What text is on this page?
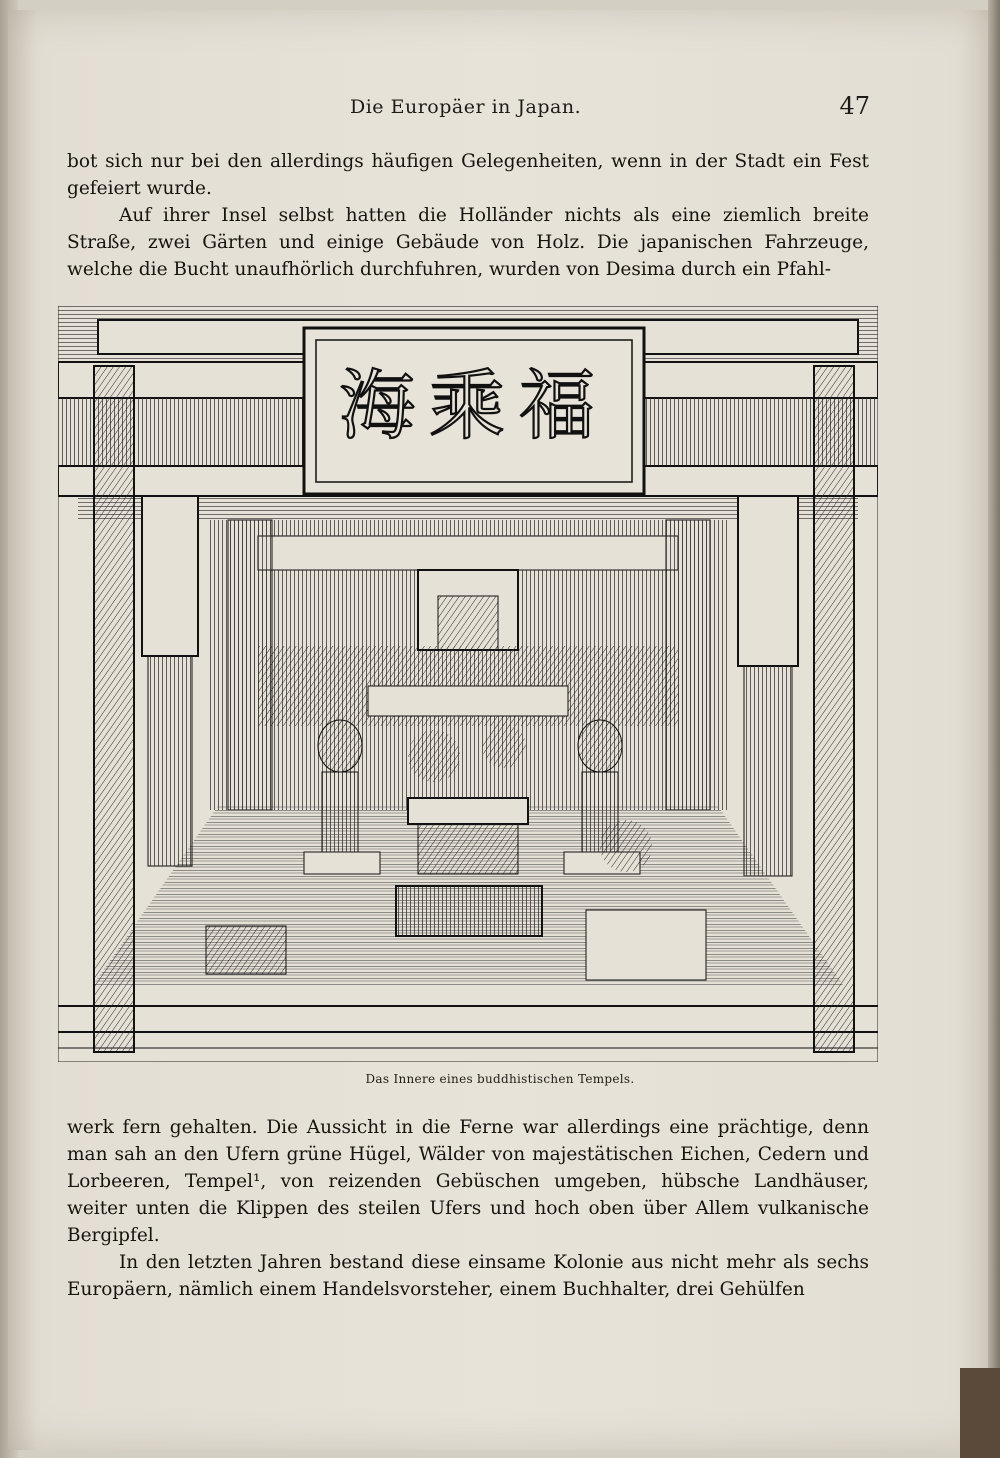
Die Europäer in Japan.	47

bot sich nur bei den allerdings häufigen Gelegenheiten, wenn in der Stadt ein Fest gefeiert wurde.

Auf ihrer Insel selbst hatten die Holländer nichts als eine ziemlich breite Straße, zwei Gärten und einige Gebäude von Holz. Die japanischen Fahrzeuge, welche die Bucht unaufhörlich durchfuhren, wurden von Desima durch ein Pfahl-

海乘福
Das Innere eines buddhistischen Tempels.

werk fern gehalten. Die Aussicht in die Ferne war allerdings eine prächtige, denn man sah an den Ufern grüne Hügel, Wälder von majestätischen Eichen, Cedern und Lorbeeren, Tempel¹, von reizenden Gebüschen umgeben, hübsche Landhäuser, weiter unten die Klippen des steilen Ufers und hoch oben über Allem vulkanische Bergipfel.

In den letzten Jahren bestand diese einsame Kolonie aus nicht mehr als sechs Europäern, nämlich einem Handelsvorsteher, einem Buchhalter, drei Gehülfen
